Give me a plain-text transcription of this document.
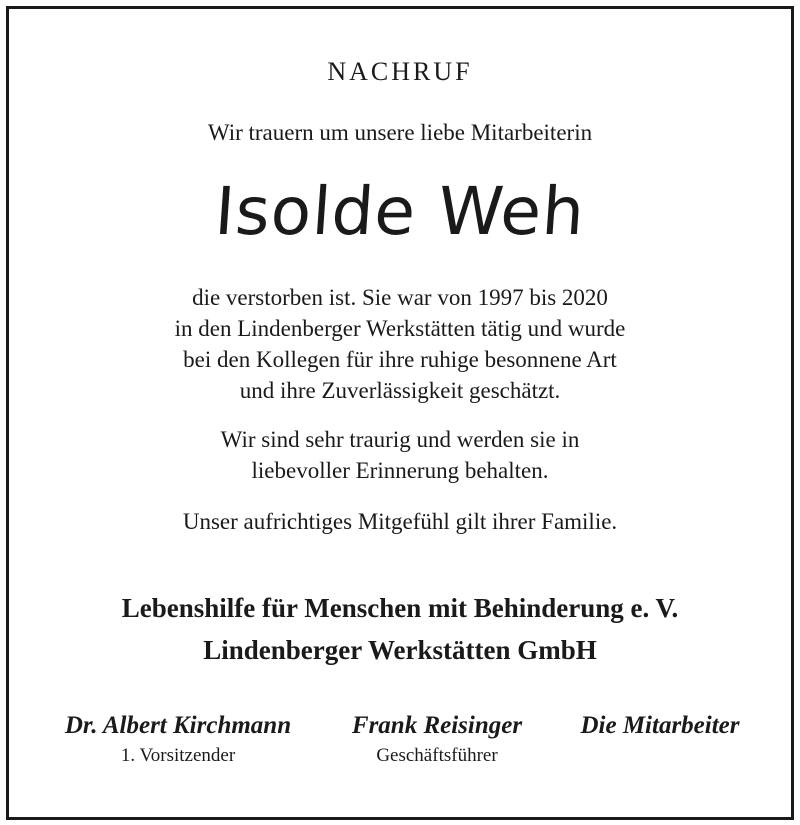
NACHRUF
Wir trauern um unsere liebe Mitarbeiterin
Isolde Weh
die verstorben ist. Sie war von 1997 bis 2020
in den Lindenberger Werkstätten tätig und wurde
bei den Kollegen für ihre ruhige besonnene Art
und ihre Zuverlässigkeit geschätzt.
Wir sind sehr traurig und werden sie in
liebevoller Erinnerung behalten.
Unser aufrichtiges Mitgefühl gilt ihrer Familie.
Lebenshilfe für Menschen mit Behinderung e. V.
Lindenberger Werkstätten GmbH
Dr. Albert Kirchmann
1. Vorsitzender
Frank Reisinger
Geschäftsführer
Die Mitarbeiter
